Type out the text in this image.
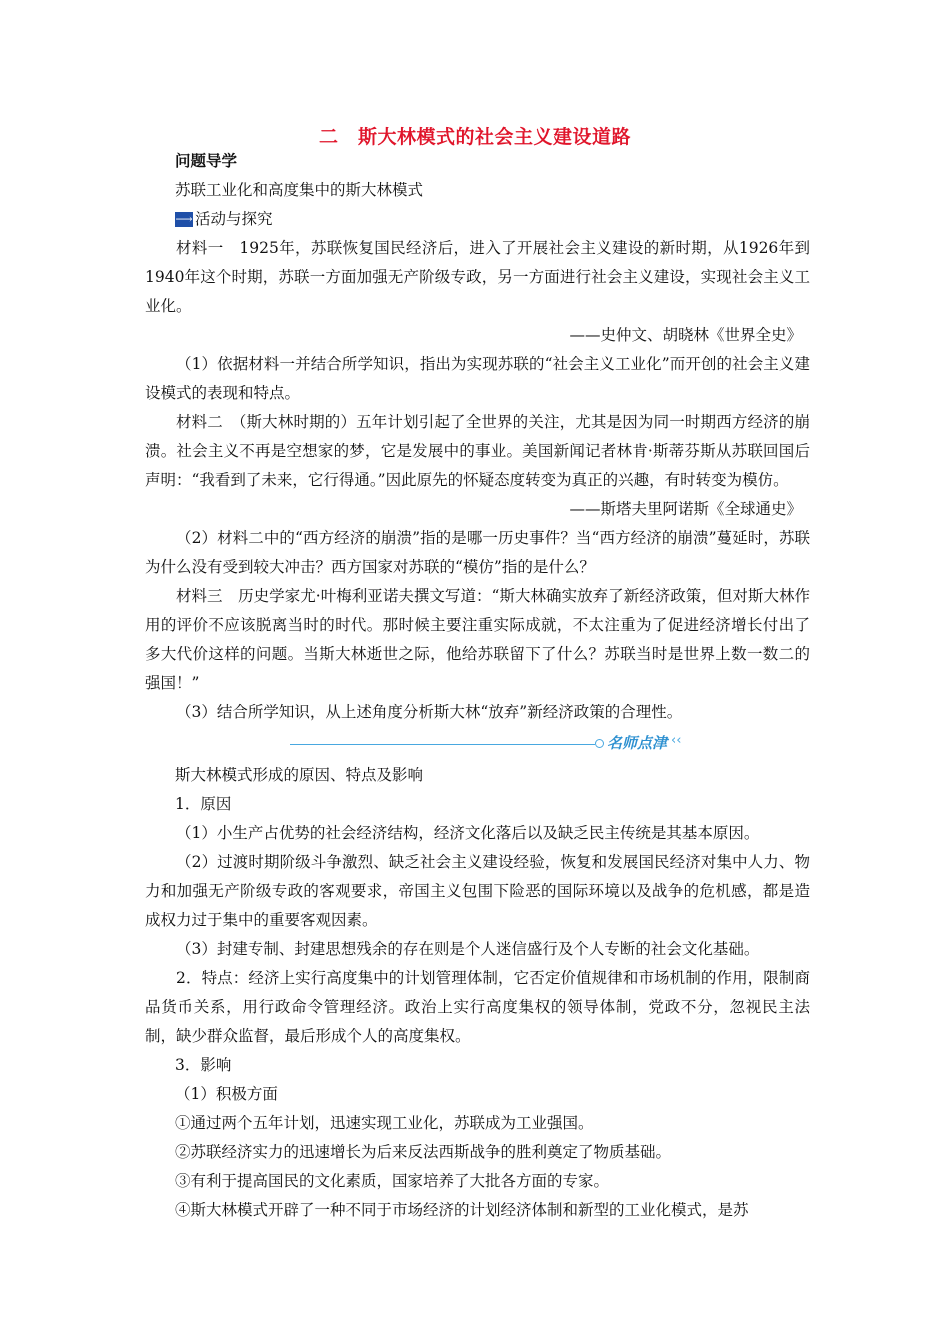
二　斯大林模式的社会主义建设道路

问题导学

苏联工业化和高度集中的斯大林模式

⟶ 活动与探究

材料一　1925年，苏联恢复国民经济后，进入了开展社会主义建设的新时期，从1926年到1940年这个时期，苏联一方面加强无产阶级专政，另一方面进行社会主义建设，实现社会主义工业化。

——史仲文、胡晓林《世界全史》

（1）依据材料一并结合所学知识，指出为实现苏联的“社会主义工业化”而开创的社会主义建设模式的表现和特点。

材料二　（斯大林时期的）五年计划引起了全世界的关注，尤其是因为同一时期西方经济的崩溃。社会主义不再是空想家的梦，它是发展中的事业。美国新闻记者林肯·斯蒂芬斯从苏联回国后声明：“我看到了未来，它行得通。”因此原先的怀疑态度转变为真正的兴趣，有时转变为模仿。

——斯塔夫里阿诺斯《全球通史》

（2）材料二中的“西方经济的崩溃”指的是哪一历史事件？当“西方经济的崩溃”蔓延时，苏联为什么没有受到较大冲击？西方国家对苏联的“模仿”指的是什么？

材料三　历史学家尤·叶梅利亚诺夫撰文写道：“斯大林确实放弃了新经济政策，但对斯大林作用的评价不应该脱离当时的时代。那时候主要注重实际成就，不太注重为了促进经济增长付出了多大代价这样的问题。当斯大林逝世之际，他给苏联留下了什么？苏联当时是世界上数一数二的强国！”

（3）结合所学知识，从上述角度分析斯大林“放弃”新经济政策的合理性。

名师点津 ‹‹

斯大林模式形成的原因、特点及影响

1．原因

（1）小生产占优势的社会经济结构，经济文化落后以及缺乏民主传统是其基本原因。

（2）过渡时期阶级斗争激烈、缺乏社会主义建设经验，恢复和发展国民经济对集中人力、物力和加强无产阶级专政的客观要求，帝国主义包围下险恶的国际环境以及战争的危机感，都是造成权力过于集中的重要客观因素。

（3）封建专制、封建思想残余的存在则是个人迷信盛行及个人专断的社会文化基础。

2．特点：经济上实行高度集中的计划管理体制，它否定价值规律和市场机制的作用，限制商品货币关系，用行政命令管理经济。政治上实行高度集权的领导体制，党政不分，忽视民主法制，缺少群众监督，最后形成个人的高度集权。

3．影响

（1）积极方面

①通过两个五年计划，迅速实现工业化，苏联成为工业强国。

②苏联经济实力的迅速增长为后来反法西斯战争的胜利奠定了物质基础。

③有利于提高国民的文化素质，国家培养了大批各方面的专家。

④斯大林模式开辟了一种不同于市场经济的计划经济体制和新型的工业化模式，是苏
